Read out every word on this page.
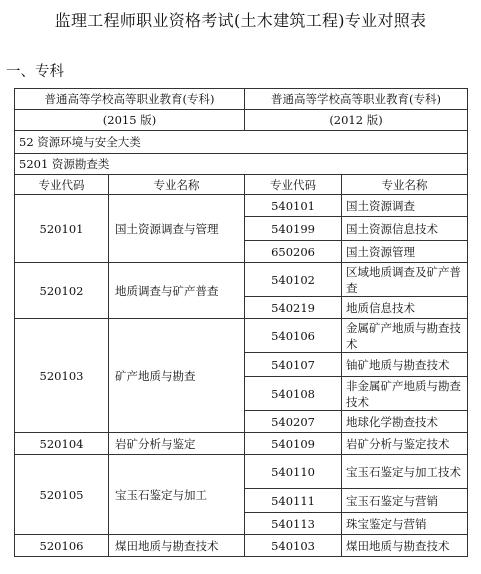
监理工程师职业资格考试(土木建筑工程)专业对照表
一、专科
普通高等学校高等职业教育(专科)		普通高等学校高等职业教育(专科)	
(2015 版)		(2012 版)	
52 资源环境与安全大类			
5201 资源勘查类			
专业代码	专业名称	专业代码	专业名称
520101	国土资源调查与管理	540101	国土资源调查
		540199	国土资源信息技术
		650206	国土资源管理
520102	地质调查与矿产普查	540102	区域地质调查及矿产普查
		540219	地质信息技术
520103	矿产地质与勘查	540106	金属矿产地质与勘查技术
		540107	铀矿地质与勘查技术
		540108	非金属矿产地质与勘查技术
		540207	地球化学勘查技术
520104	岩矿分析与鉴定	540109	岩矿分析与鉴定技术
520105	宝玉石鉴定与加工	540110	宝玉石鉴定与加工技术
		540111	宝玉石鉴定与营销
		540113	珠宝鉴定与营销
520106	煤田地质与勘查技术	540103	煤田地质与勘查技术
